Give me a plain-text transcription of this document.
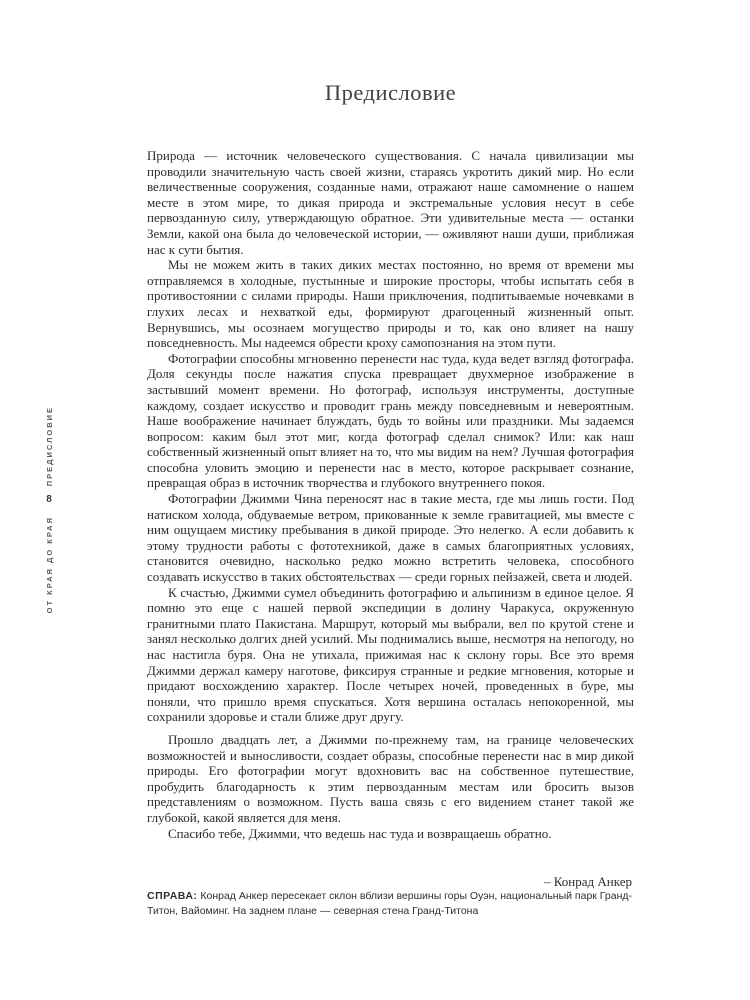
ПРЕДИСЛОВИЕ
8
ОТ КРАЯ ДО КРАЯ
Предисловие

Природа — источник человеческого существования. С начала цивилизации мы проводили значительную часть своей жизни, стараясь укротить дикий мир. Но если величественные сооружения, созданные нами, отражают наше самомнение о нашем месте в этом мире, то дикая природа и экстремальные условия несут в себе первозданную силу, утверждающую обратное. Эти удивительные места — останки Земли, какой она была до человеческой истории, — оживляют наши души, приближая нас к сути бытия.

Мы не можем жить в таких диких местах постоянно, но время от времени мы отправляемся в холодные, пустынные и широкие просторы, чтобы испытать себя в противостоянии с силами природы. Наши приключения, подпитываемые ночевками в глухих лесах и нехваткой еды, формируют драгоценный жизненный опыт. Вернувшись, мы осознаем могущество природы и то, как оно влияет на нашу повседневность. Мы надеемся обрести кроху самопознания на этом пути.

Фотографии способны мгновенно перенести нас туда, куда ведет взгляд фотографа. Доля секунды после нажатия спуска превращает двухмерное изображение в застывший момент времени. Но фотограф, используя инструменты, доступные каждому, создает искусство и проводит грань между повседневным и невероятным. Наше воображение начинает блуждать, будь то войны или праздники. Мы задаемся вопросом: каким был этот миг, когда фотограф сделал снимок? Или: как наш собственный жизненный опыт влияет на то, что мы видим на нем? Лучшая фотография способна уловить эмоцию и перенести нас в место, которое раскрывает сознание, превращая образ в источник творчества и глубокого внутреннего покоя.

Фотографии Джимми Чина переносят нас в такие места, где мы лишь гости. Под натиском холода, обдуваемые ветром, прикованные к земле гравитацией, мы вместе с ним ощущаем мистику пребывания в дикой природе. Это нелегко. А если добавить к этому трудности работы с фототехникой, даже в самых благоприятных условиях, становится очевидно, насколько редко можно встретить человека, способного создавать искусство в таких обстоятельствах — среди горных пейзажей, света и людей.

К счастью, Джимми сумел объединить фотографию и альпинизм в единое целое. Я помню это еще с нашей первой экспедиции в долину Чаракуса, окруженную гранитными плато Пакистана. Маршрут, который мы выбрали, вел по крутой стене и занял несколько долгих дней усилий. Мы поднимались выше, несмотря на непогоду, но нас настигла буря. Она не утихала, прижимая нас к склону горы. Все это время Джимми держал камеру наготове, фиксируя странные и редкие мгновения, которые и придают восхождению характер. После четырех ночей, проведенных в буре, мы поняли, что пришло время спускаться. Хотя вершина осталась непокоренной, мы сохранили здоровье и стали ближе друг другу.

Прошло двадцать лет, а Джимми по-прежнему там, на границе человеческих возможностей и выносливости, создает образы, способные перенести нас в мир дикой природы. Его фотографии могут вдохновить вас на собственное путешествие, пробудить благодарность к этим первозданным местам или бросить вызов представлениям о возможном. Пусть ваша связь с его видением станет такой же глубокой, какой является для меня.

Спасибо тебе, Джимми, что ведешь нас туда и возвращаешь обратно.

– Конрад Анкер
СПРАВА: Конрад Анкер пересекает склон вблизи вершины горы Оуэн, национальный парк Гранд-Титон, Вайоминг. На заднем плане — северная стена Гранд-Титона
